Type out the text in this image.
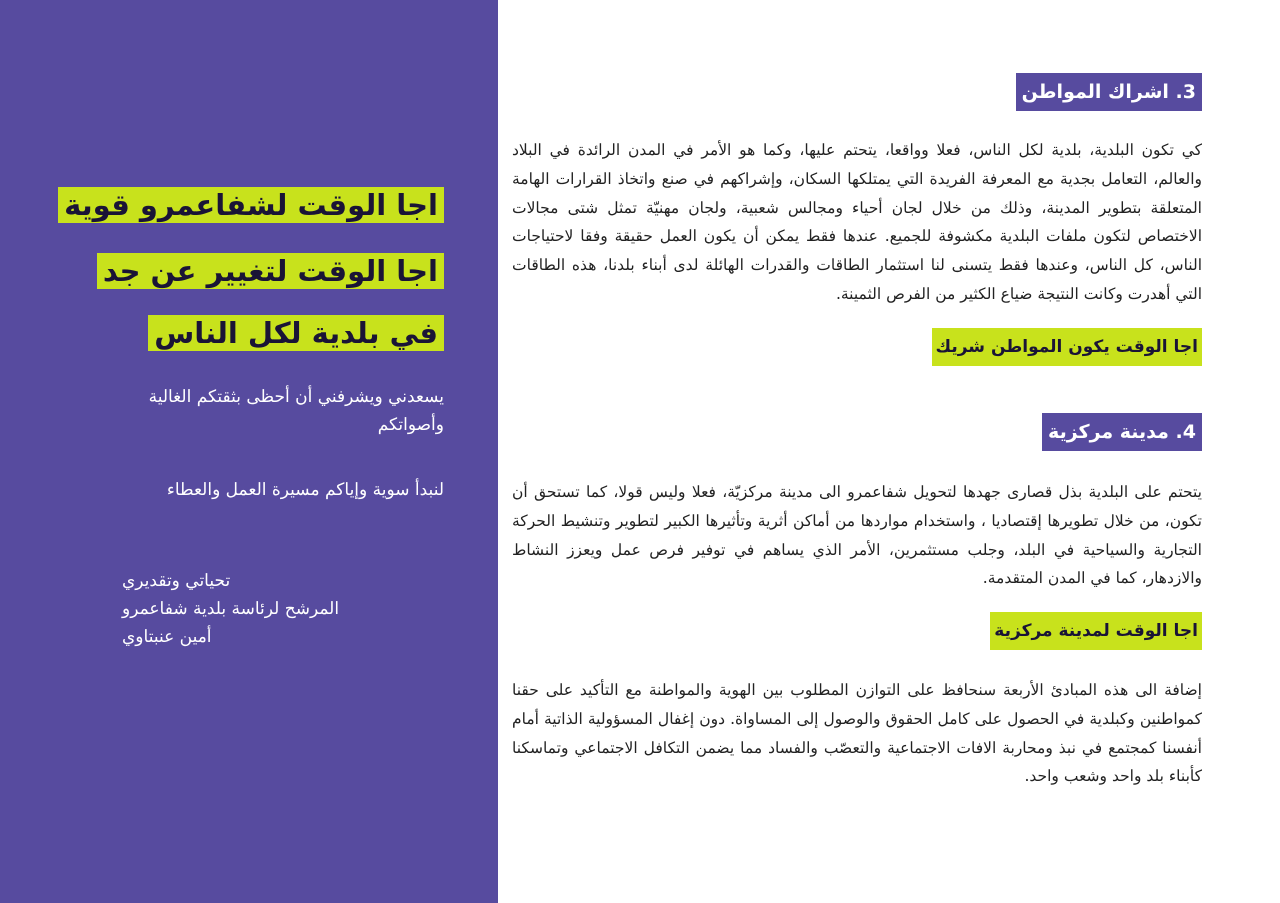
اجا الوقت لشفاعمرو قوية
اجا الوقت لتغيير عن جد
في بلدية لكل الناس
يسعدني ويشرفني أن أحظى بثقتكم الغالية وأصواتكم
لنبدأ سوية وإياكم مسيرة العمل والعطاء
تحياتي وتقديري
المرشح لرئاسة بلدية شفاعمرو
أمين عنبتاوي
3. اشراك المواطن
كي تكون البلدية، بلدية لكل الناس، فعلا وواقعا، يتحتم عليها، وكما هو الأمر في المدن الرائدة في البلاد والعالم، التعامل بجدية مع المعرفة الفريدة التي يمتلكها السكان، وإشراكهم في صنع واتخاذ القرارات الهامة المتعلقة بتطوير المدينة، وذلك من خلال لجان أحياء ومجالس شعبية، ولجان مهنيّة تمثل شتى مجالات الاختصاص لتكون ملفات البلدية مكشوفة للجميع. عندها فقط يمكن أن يكون العمل حقيقة وفقا لاحتياجات الناس، كل الناس، وعندها فقط يتسنى لنا استثمار الطاقات والقدرات الهائلة لدى أبناء بلدنا، هذه الطاقات التي أهدرت وكانت النتيجة ضياع الكثير من الفرص الثمينة.
اجا الوقت يكون المواطن شريك
4. مدينة مركزية
يتحتم على البلدية بذل قصارى جهدها لتحويل شفاعمرو الى مدينة مركزيّة، فعلا وليس قولا، كما تستحق أن تكون، من خلال تطويرها إقتصاديا ، واستخدام مواردها من أماكن أثرية وتأثيرها الكبير لتطوير وتنشيط الحركة التجارية والسياحية في البلد، وجلب مستثمرين، الأمر الذي يساهم في توفير فرص عمل ويعزز النشاط والازدهار، كما في المدن المتقدمة.
اجا الوقت لمدينة مركزية
إضافة الى هذه المبادئ الأربعة سنحافظ على التوازن المطلوب بين الهوية والمواطنة مع التأكيد على حقنا كمواطنين وكبلدية في الحصول على كامل الحقوق والوصول إلى المساواة. دون إغفال المسؤولية الذاتية أمام أنفسنا كمجتمع في نبذ ومحاربة الافات الاجتماعية والتعصّب والفساد مما يضمن التكافل الاجتماعي وتماسكنا كأبناء بلد واحد وشعب واحد.
